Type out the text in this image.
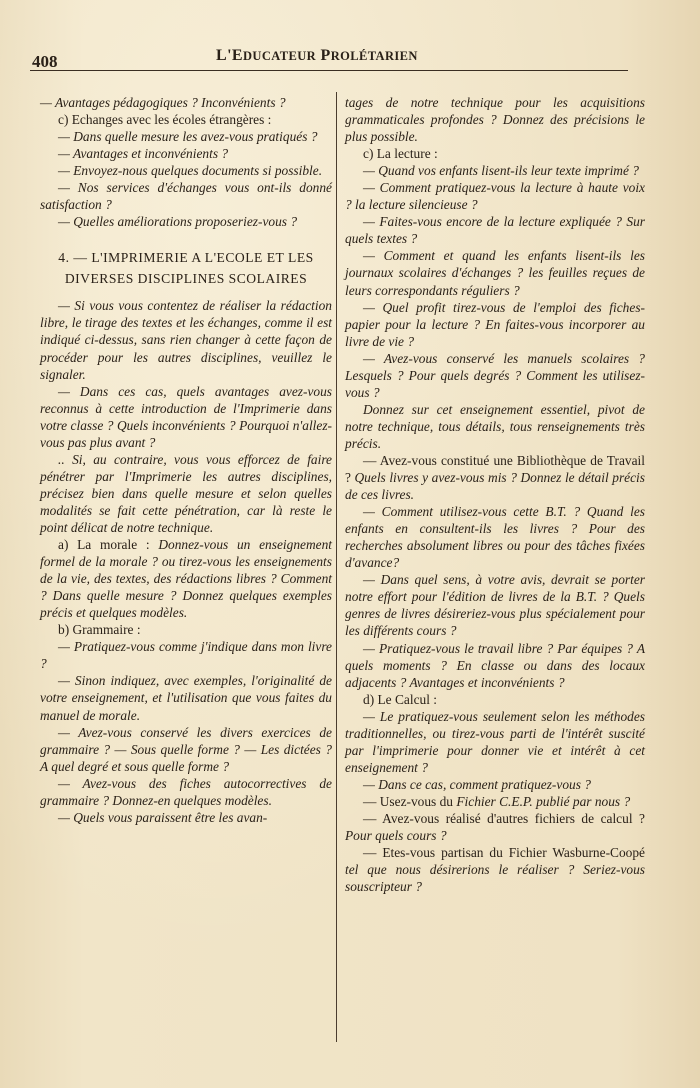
408	L'EDUCATEUR PROLÉTARIEN

— Avantages pédagogiques ? Inconvénients ?

c) Echanges avec les écoles étrangères :

— Dans quelle mesure les avez-vous pratiqués ?

— Avantages et inconvénients ?

— Envoyez-nous quelques documents si possible.

— Nos services d'échanges vous ont-ils donné satisfaction ?

— Quelles améliorations proposeriez-vous ?

4. — L'IMPRIMERIE A L'ECOLE ET LES DIVERSES DISCIPLINES SCOLAIRES

— Si vous vous contentez de réaliser la rédaction libre, le tirage des textes et les échanges, comme il est indiqué ci-dessus, sans rien changer à cette façon de procéder pour les autres disciplines, veuillez le signaler.

— Dans ces cas, quels avantages avez-vous reconnus à cette introduction de l'Imprimerie dans votre classe ? Quels inconvénients ? Pourquoi n'allez-vous pas plus avant ?

.. Si, au contraire, vous vous efforcez de faire pénétrer par l'Imprimerie les autres disciplines, précisez bien dans quelle mesure et selon quelles modalités se fait cette pénétration, car là reste le point délicat de notre technique.

a) La morale : Donnez-vous un enseignement formel de la morale ? ou tirez-vous les enseignements de la vie, des textes, des rédactions libres ? Comment ? Dans quelle mesure ? Donnez quelques exemples précis et quelques modèles.

b) Grammaire :

— Pratiquez-vous comme j'indique dans mon livre ?

— Sinon indiquez, avec exemples, l'originalité de votre enseignement, et l'utilisation que vous faites du manuel de morale.

— Avez-vous conservé les divers exercices de grammaire ? — Sous quelle forme ? — Les dictées ? A quel degré et sous quelle forme ?

— Avez-vous des fiches autocorrectives de grammaire ? Donnez-en quelques modèles.

— Quels vous paraissent être les avan-

tages de notre technique pour les acquisitions grammaticales profondes ? Donnez des précisions le plus possible.

c) La lecture :

— Quand vos enfants lisent-ils leur texte imprimé ?

— Comment pratiquez-vous la lecture à haute voix ? la lecture silencieuse ?

— Faites-vous encore de la lecture expliquée ? Sur quels textes ?

— Comment et quand les enfants lisent-ils les journaux scolaires d'échanges ? les feuilles reçues de leurs correspondants réguliers ?

— Quel profit tirez-vous de l'emploi des fiches-papier pour la lecture ? En faites-vous incorporer au livre de vie ?

— Avez-vous conservé les manuels scolaires ? Lesquels ? Pour quels degrés ? Comment les utilisez-vous ?

Donnez sur cet enseignement essentiel, pivot de notre technique, tous détails, tous renseignements très précis.

— Avez-vous constitué une Bibliothèque de Travail ? Quels livres y avez-vous mis ? Donnez le détail précis de ces livres.

— Comment utilisez-vous cette B.T. ? Quand les enfants en consultent-ils les livres ? Pour des recherches absolument libres ou pour des tâches fixées d'avance?

— Dans quel sens, à votre avis, devrait se porter notre effort pour l'édition de livres de la B.T. ? Quels genres de livres désireriez-vous plus spécialement pour les différents cours ?

— Pratiquez-vous le travail libre ? Par équipes ? A quels moments ? En classe ou dans des locaux adjacents ? Avantages et inconvénients ?

d) Le Calcul :

— Le pratiquez-vous seulement selon les méthodes traditionnelles, ou tirez-vous parti de l'intérêt suscité par l'imprimerie pour donner vie et intérêt à cet enseignement ?

— Dans ce cas, comment pratiquez-vous ?

— Usez-vous du Fichier C.E.P. publié par nous ?

— Avez-vous réalisé d'autres fichiers de calcul ? Pour quels cours ?

— Etes-vous partisan du Fichier Wasburne-Coopé tel que nous désirerions le réaliser ? Seriez-vous souscripteur ?
